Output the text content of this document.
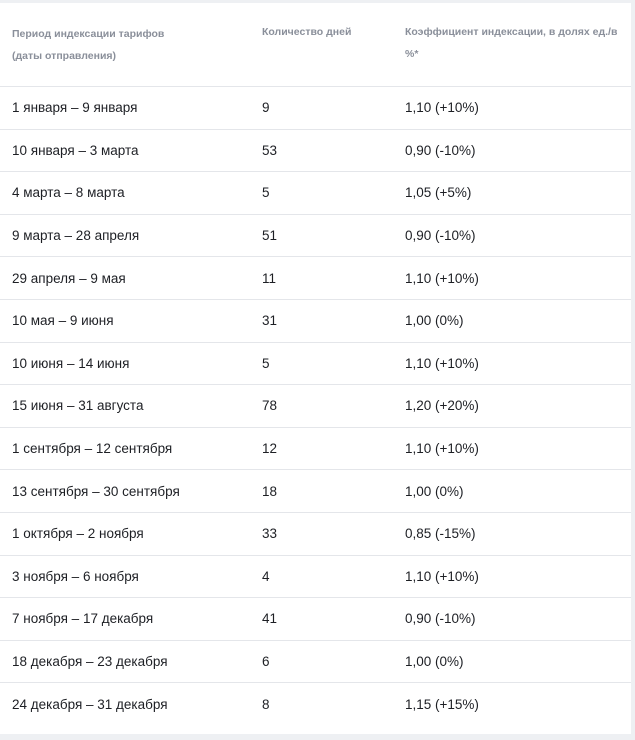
Период индексации тарифов
(даты отправления)	Количество дней	Коэффициент индексации, в долях ед./в %*

1 января – 9 января	9	1,10 (+10%)
10 января – 3 марта	53	0,90 (-10%)
4 марта – 8 марта	5	1,05 (+5%)
9 марта – 28 апреля	51	0,90 (-10%)
29 апреля – 9 мая	11	1,10 (+10%)
10 мая – 9 июня	31	1,00 (0%)
10 июня – 14 июня	5	1,10 (+10%)
15 июня – 31 августа	78	1,20 (+20%)
1 сентября – 12 сентября	12	1,10 (+10%)
13 сентября – 30 сентября	18	1,00 (0%)
1 октября – 2 ноября	33	0,85 (-15%)
3 ноября – 6 ноября	4	1,10 (+10%)
7 ноября – 17 декабря	41	0,90 (-10%)
18 декабря – 23 декабря	6	1,00 (0%)
24 декабря – 31 декабря	8	1,15 (+15%)
